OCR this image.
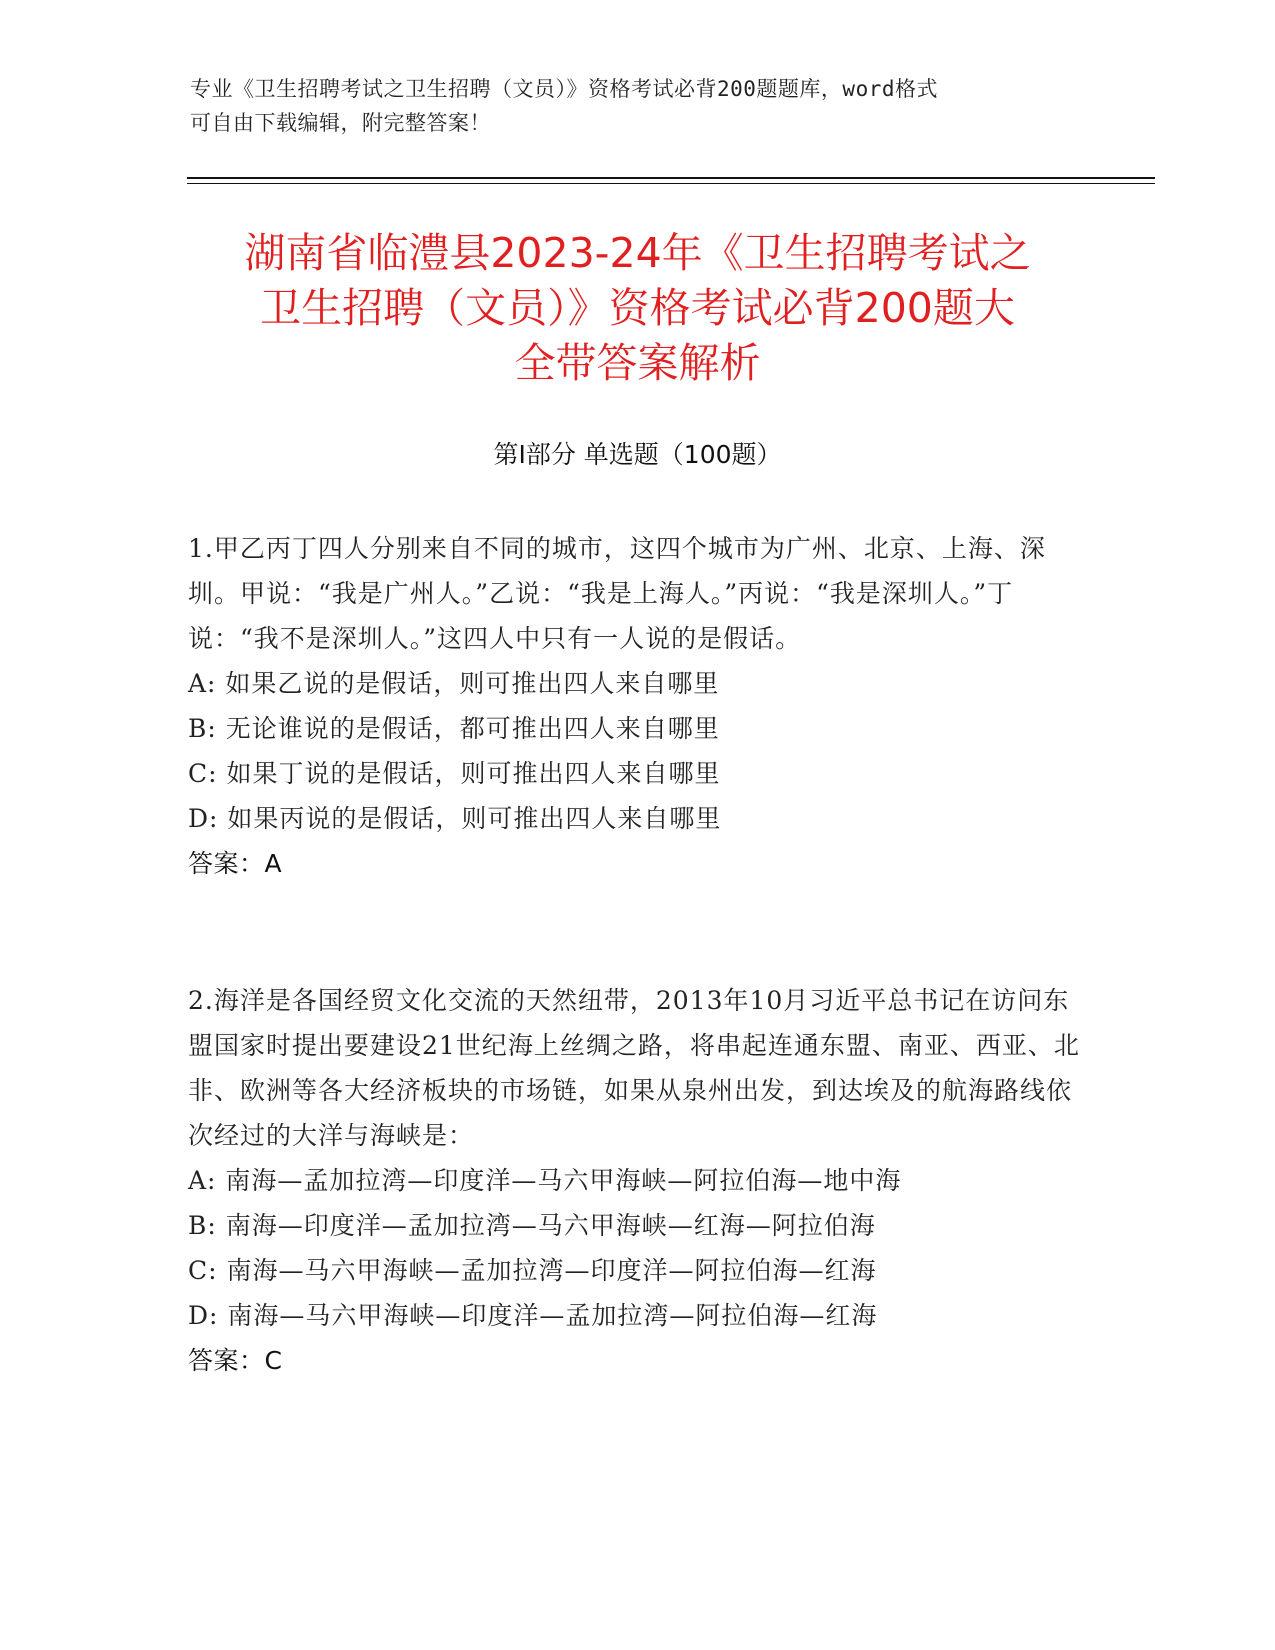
专业《卫生招聘考试之卫生招聘（文员）》资格考试必背200题题库，word格式
可自由下载编辑，附完整答案！
湖南省临澧县2023-24年《卫生招聘考试之
卫生招聘（文员）》资格考试必背200题大
全带答案解析
第Ⅰ部分 单选题（100题）

1.甲乙丙丁四人分别来自不同的城市，这四个城市为广州、北京、上海、深圳。甲说：“我是广州人。”乙说：“我是上海人。”丙说：“我是深圳人。”丁说：“我不是深圳人。”这四人中只有一人说的是假话。

A: 如果乙说的是假话，则可推出四人来自哪里

B: 无论谁说的是假话，都可推出四人来自哪里

C: 如果丁说的是假话，则可推出四人来自哪里

D: 如果丙说的是假话，则可推出四人来自哪里

答案：A

2.海洋是各国经贸文化交流的天然纽带，2013年10月习近平总书记在访问东盟国家时提出要建设21世纪海上丝绸之路，将串起连通东盟、南亚、西亚、北非、欧洲等各大经济板块的市场链，如果从泉州出发，到达埃及的航海路线依次经过的大洋与海峡是：

A: 南海—孟加拉湾—印度洋—马六甲海峡—阿拉伯海—地中海

B: 南海—印度洋—孟加拉湾—马六甲海峡—红海—阿拉伯海

C: 南海—马六甲海峡—孟加拉湾—印度洋—阿拉伯海—红海

D: 南海—马六甲海峡—印度洋—孟加拉湾—阿拉伯海—红海

答案：C
